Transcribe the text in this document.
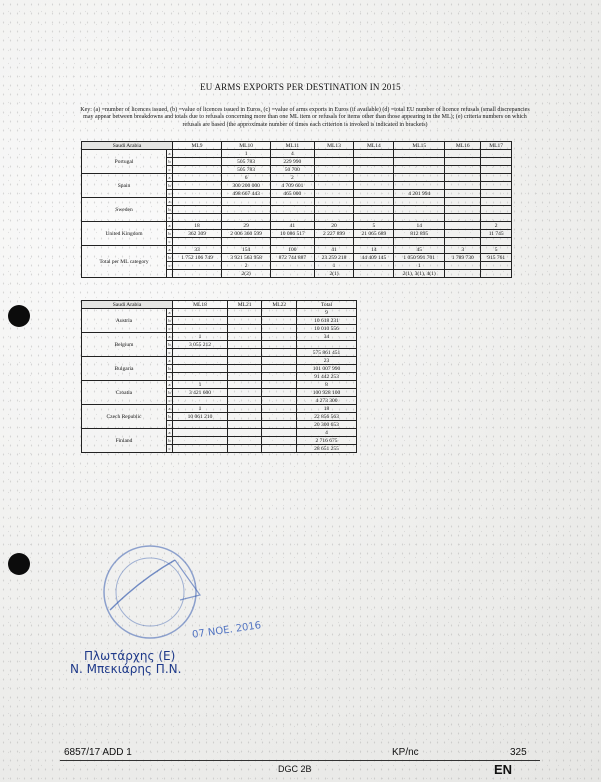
EU ARMS EXPORTS PER DESTINATION IN 2015
Key: (a) =number of licences issued, (b) =value of licences issued in Euros, (c) =value of arms exports in Euros (if available) (d) =total EU number of licence refusals (small discrepancies may appear between breakdowns and totals due to refusals concerning more than one ML item or refusals for items other than those appearing in the ML); (e) criteria numbers on which refusals are based (the approximate number of times each criterion is invoked is indicated in brackets)
Saudi Arabia		ML9	ML10	ML11	ML13	ML14	ML15	ML16	ML17
Portugal	a		1	4					
	b		505 783	229 990					
	c		505 783	50 700					
Spain	a		6	2					
	b		300 200 000	4 709 601					
	c		498 667 443	465 000			4 201 994		
Sweden	a								
	b								
	c								
United Kingdom	a	18	29	41	20	5	14		2
	b	362 309	2 006 360 599	10 086 517	2 227 899	21 065 689	812 895		11 745
	c								
Total per ML category	a	33	154	100	41	14	45	3	5
	b	1 752 106 749	3 921 563 958	872 744 887	23 259 218	44 409 145	1 050 991 701	1 789 730	915 761
	c		2		1		1		
			2(2)		2(1)		2(1), 3(1), 4(1)		
Saudi Arabia		ML18	ML21	ML22	Total
Austria	a				9
	b				10 618 231
	c				10 010 556
Belgium	a	1			34
	b	3 055 212			
	c				575 861 451
Bulgaria	a				23
	b				101 007 990
	c				91 442 253
Croatia	a	1			8
	b	3 421 600			100 928 100
	c				4 273 300
Czech Republic	a	1			18
	b	10 061 210			22 856 563
	c				20 300 653
Finland	a				4
	b				2 716 675
	c				28 651 255
07 ΝΟΕ. 2016
Πλωτάρχης (Ε)
Ν. Μπεκιάρης Π.Ν.
6857/17 ADD 1	KP/nc	325
DGC 2B	EN
